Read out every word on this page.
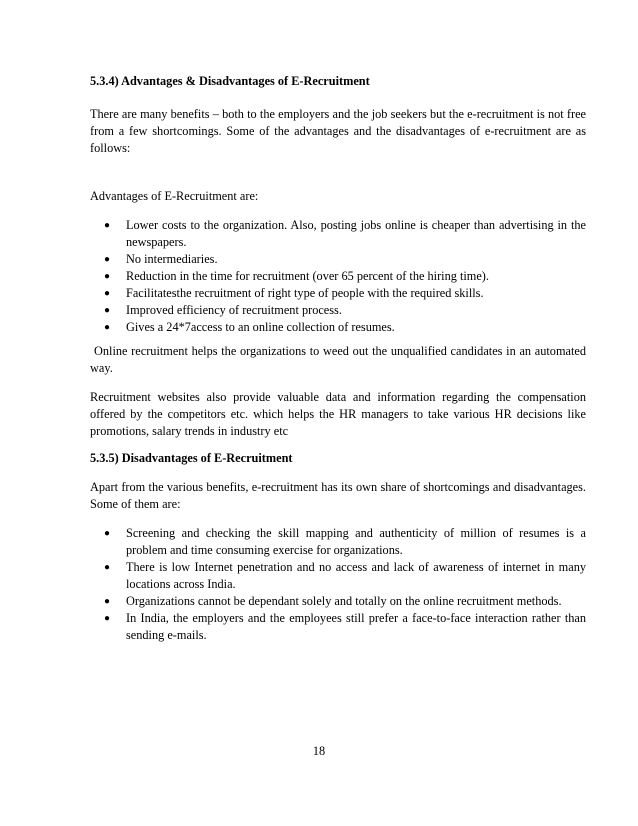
5.3.4) Advantages & Disadvantages of E-Recruitment

There are many benefits – both to the employers and the job seekers but the e-recruitment is not free from a few shortcomings. Some of the advantages and the disadvantages of e-recruitment are as follows:

Advantages of E-Recruitment are:

● Lower costs to the organization. Also, posting jobs online is cheaper than advertising in the newspapers.
● No intermediaries.
● Reduction in the time for recruitment (over 65 percent of the hiring time).
● Facilitatesthe recruitment of right type of people with the required skills.
● Improved efficiency of recruitment process.
● Gives a 24*7access to an online collection of resumes.

Online recruitment helps the organizations to weed out the unqualified candidates in an automated way.

Recruitment websites also provide valuable data and information regarding the compensation offered by the competitors etc. which helps the HR managers to take various HR decisions like promotions, salary trends in industry etc

5.3.5) Disadvantages of E-Recruitment

Apart from the various benefits, e-recruitment has its own share of shortcomings and disadvantages. Some of them are:

● Screening and checking the skill mapping and authenticity of million of resumes is a problem and time consuming exercise for organizations.
● There is low Internet penetration and no access and lack of awareness of internet in many locations across India.
● Organizations cannot be dependant solely and totally on the online recruitment methods.
● In India, the employers and the employees still prefer a face-to-face interaction rather than sending e-mails.
18
